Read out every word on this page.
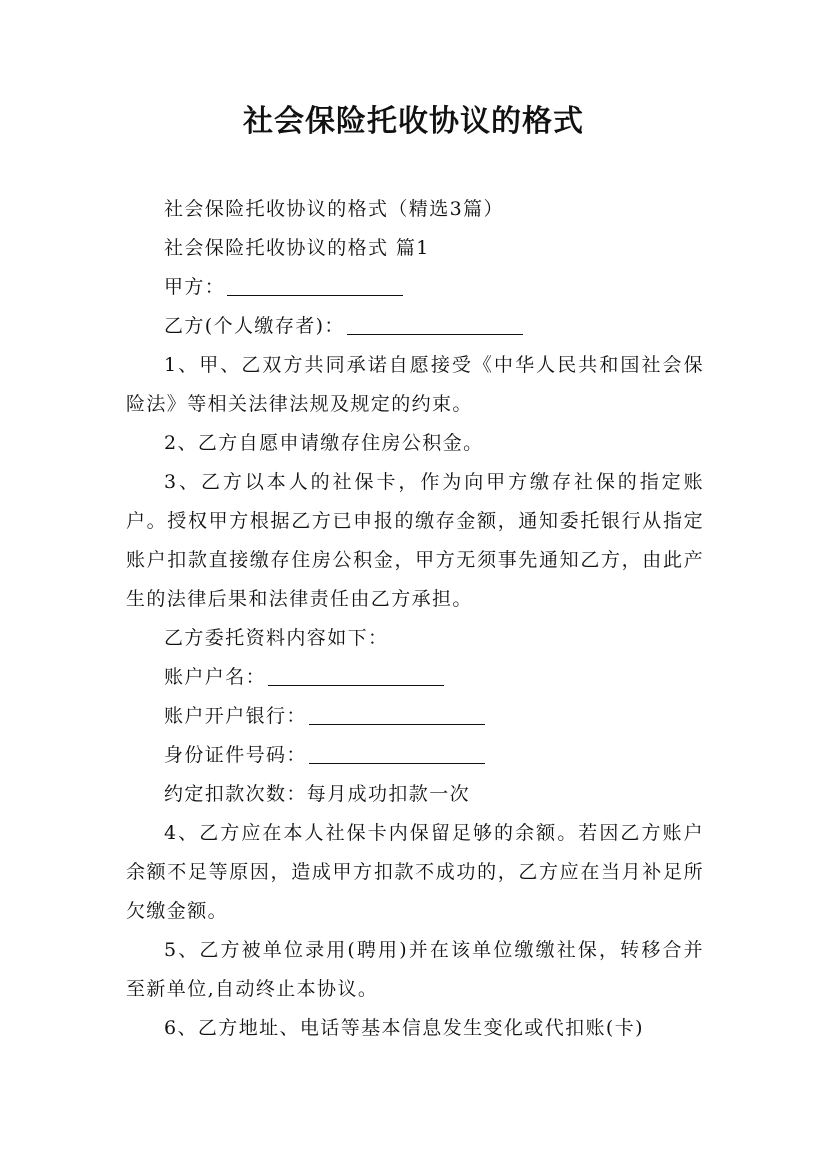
社会保险托收协议的格式

社会保险托收协议的格式（精选3篇）

社会保险托收协议的格式 篇1

甲方：

乙方(个人缴存者)：

1、甲、乙双方共同承诺自愿接受《中华人民共和国社会保险法》等相关法律法规及规定的约束。

2、乙方自愿申请缴存住房公积金。

3、乙方以本人的社保卡，作为向甲方缴存社保的指定账户。授权甲方根据乙方已申报的缴存金额，通知委托银行从指定账户扣款直接缴存住房公积金，甲方无须事先通知乙方，由此产生的法律后果和法律责任由乙方承担。

乙方委托资料内容如下：

账户户名：

账户开户银行：

身份证件号码：

约定扣款次数：每月成功扣款一次

4、乙方应在本人社保卡内保留足够的余额。若因乙方账户余额不足等原因，造成甲方扣款不成功的，乙方应在当月补足所欠缴金额。

5、乙方被单位录用(聘用)并在该单位缴缴社保，转移合并至新单位,自动终止本协议。

6、乙方地址、电话等基本信息发生变化或代扣账(卡)
